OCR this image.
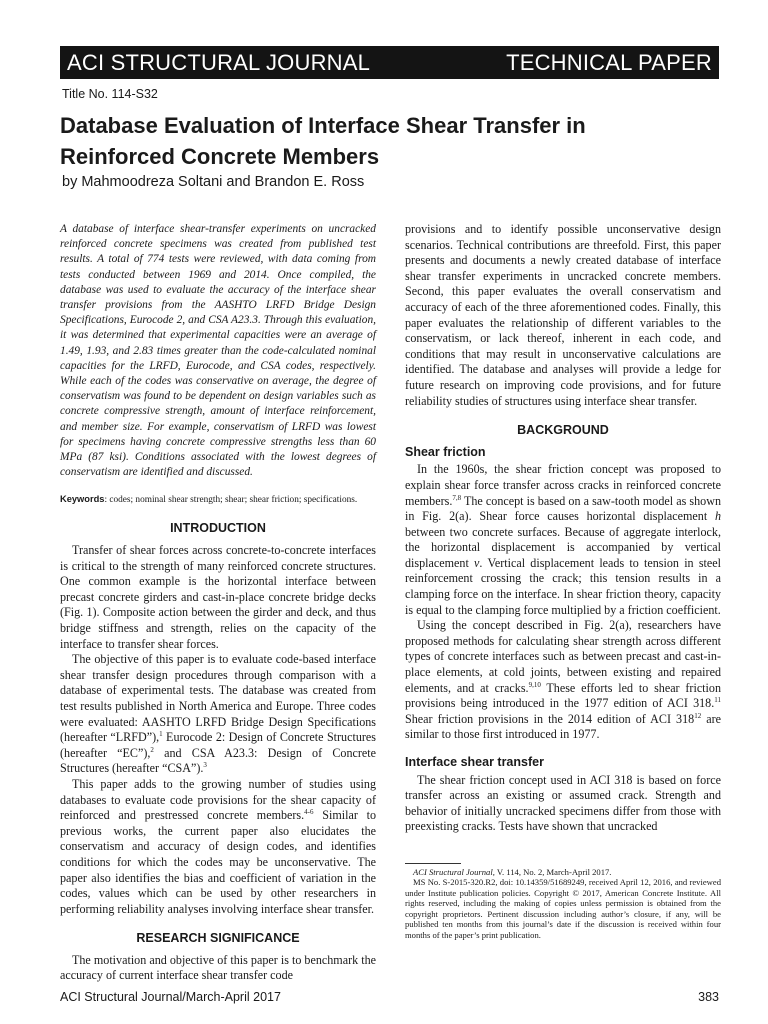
ACI STRUCTURAL JOURNAL	TECHNICAL PAPER
Title No. 114-S32
Database Evaluation of Interface Shear Transfer in Reinforced Concrete Members
by Mahmoodreza Soltani and Brandon E. Ross

A database of interface shear-transfer experiments on uncracked reinforced concrete specimens was created from published test results. A total of 774 tests were reviewed, with data coming from tests conducted between 1969 and 2014. Once compiled, the database was used to evaluate the accuracy of the interface shear transfer provisions from the AASHTO LRFD Bridge Design Specifications, Eurocode 2, and CSA A23.3. Through this evaluation, it was determined that experimental capacities were an average of 1.49, 1.93, and 2.83 times greater than the code-calculated nominal capacities for the LRFD, Eurocode, and CSA codes, respectively. While each of the codes was conservative on average, the degree of conservatism was found to be dependent on design variables such as concrete compressive strength, amount of interface reinforcement, and member size. For example, conservatism of LRFD was lowest for specimens having concrete compressive strengths less than 60 MPa (87 ksi). Conditions associated with the lowest degrees of conservatism are identified and discussed.

Keywords: codes; nominal shear strength; shear; shear friction; specifications.

INTRODUCTION

Transfer of shear forces across concrete-to-concrete interfaces is critical to the strength of many reinforced concrete structures. One common example is the horizontal interface between precast concrete girders and cast-in-place concrete bridge decks (Fig. 1). Composite action between the girder and deck, and thus bridge stiffness and strength, relies on the capacity of the interface to transfer shear forces.

The objective of this paper is to evaluate code-based interface shear transfer design procedures through comparison with a database of experimental tests. The database was created from test results published in North America and Europe. Three codes were evaluated: AASHTO LRFD Bridge Design Specifications (hereafter “LRFD”),$^1$ Eurocode 2: Design of Concrete Structures (hereafter “EC”),$^2$ and CSA A23.3: Design of Concrete Structures (hereafter “CSA”).$^3$

This paper adds to the growing number of studies using databases to evaluate code provisions for the shear capacity of reinforced and prestressed concrete members.$^{4-6}$ Similar to previous works, the current paper also elucidates the conservatism and accuracy of design codes, and identifies conditions for which the codes may be unconservative. The paper also identifies the bias and coefficient of variation in the codes, values which can be used by other researchers in performing reliability analyses involving interface shear transfer.

RESEARCH SIGNIFICANCE

The motivation and objective of this paper is to benchmark the accuracy of current interface shear transfer code

provisions and to identify possible unconservative design scenarios. Technical contributions are threefold. First, this paper presents and documents a newly created database of interface shear transfer experiments in uncracked concrete members. Second, this paper evaluates the overall conservatism and accuracy of each of the three aforementioned codes. Finally, this paper evaluates the relationship of different variables to the conservatism, or lack thereof, inherent in each code, and conditions that may result in unconservative calculations are identified. The database and analyses will provide a ledge for future research on improving code provisions, and for future reliability studies of structures using interface shear transfer.

BACKGROUND
Shear friction

In the 1960s, the shear friction concept was proposed to explain shear force transfer across cracks in reinforced concrete members.$^{7,8}$ The concept is based on a saw-tooth model as shown in Fig. 2(a). Shear force causes horizontal displacement h between two concrete surfaces. Because of aggregate interlock, the horizontal displacement is accompanied by vertical displacement v. Vertical displacement leads to tension in steel reinforcement crossing the crack; this tension results in a clamping force on the interface. In shear friction theory, capacity is equal to the clamping force multiplied by a friction coefficient.

Using the concept described in Fig. 2(a), researchers have proposed methods for calculating shear strength across different types of concrete interfaces such as between precast and cast-in-place elements, at cold joints, between existing and repaired elements, and at cracks.$^{9,10}$ These efforts led to shear friction provisions being introduced in the 1977 edition of ACI 318.11 Shear friction provisions in the 2014 edition of ACI $318^{12}$ are similar to those first introduced in 1977.

Interface shear transfer

The shear friction concept used in ACI 318 is based on force transfer across an existing or assumed crack. Strength and behavior of initially uncracked specimens differ from those with preexisting cracks. Tests have shown that uncracked

ACI Structural Journal, V. 114, No. 2, March-April 2017.

MS No. S-2015-320.R2, doi: 10.14359/51689249, received April 12, 2016, and reviewed under Institute publication policies. Copyright © 2017, American Concrete Institute. All rights reserved, including the making of copies unless permission is obtained from the copyright proprietors. Pertinent discussion including author’s closure, if any, will be published ten months from this journal’s date if the discussion is received within four months of the paper’s print publication.

ACI Structural Journal/March-April 2017	383
